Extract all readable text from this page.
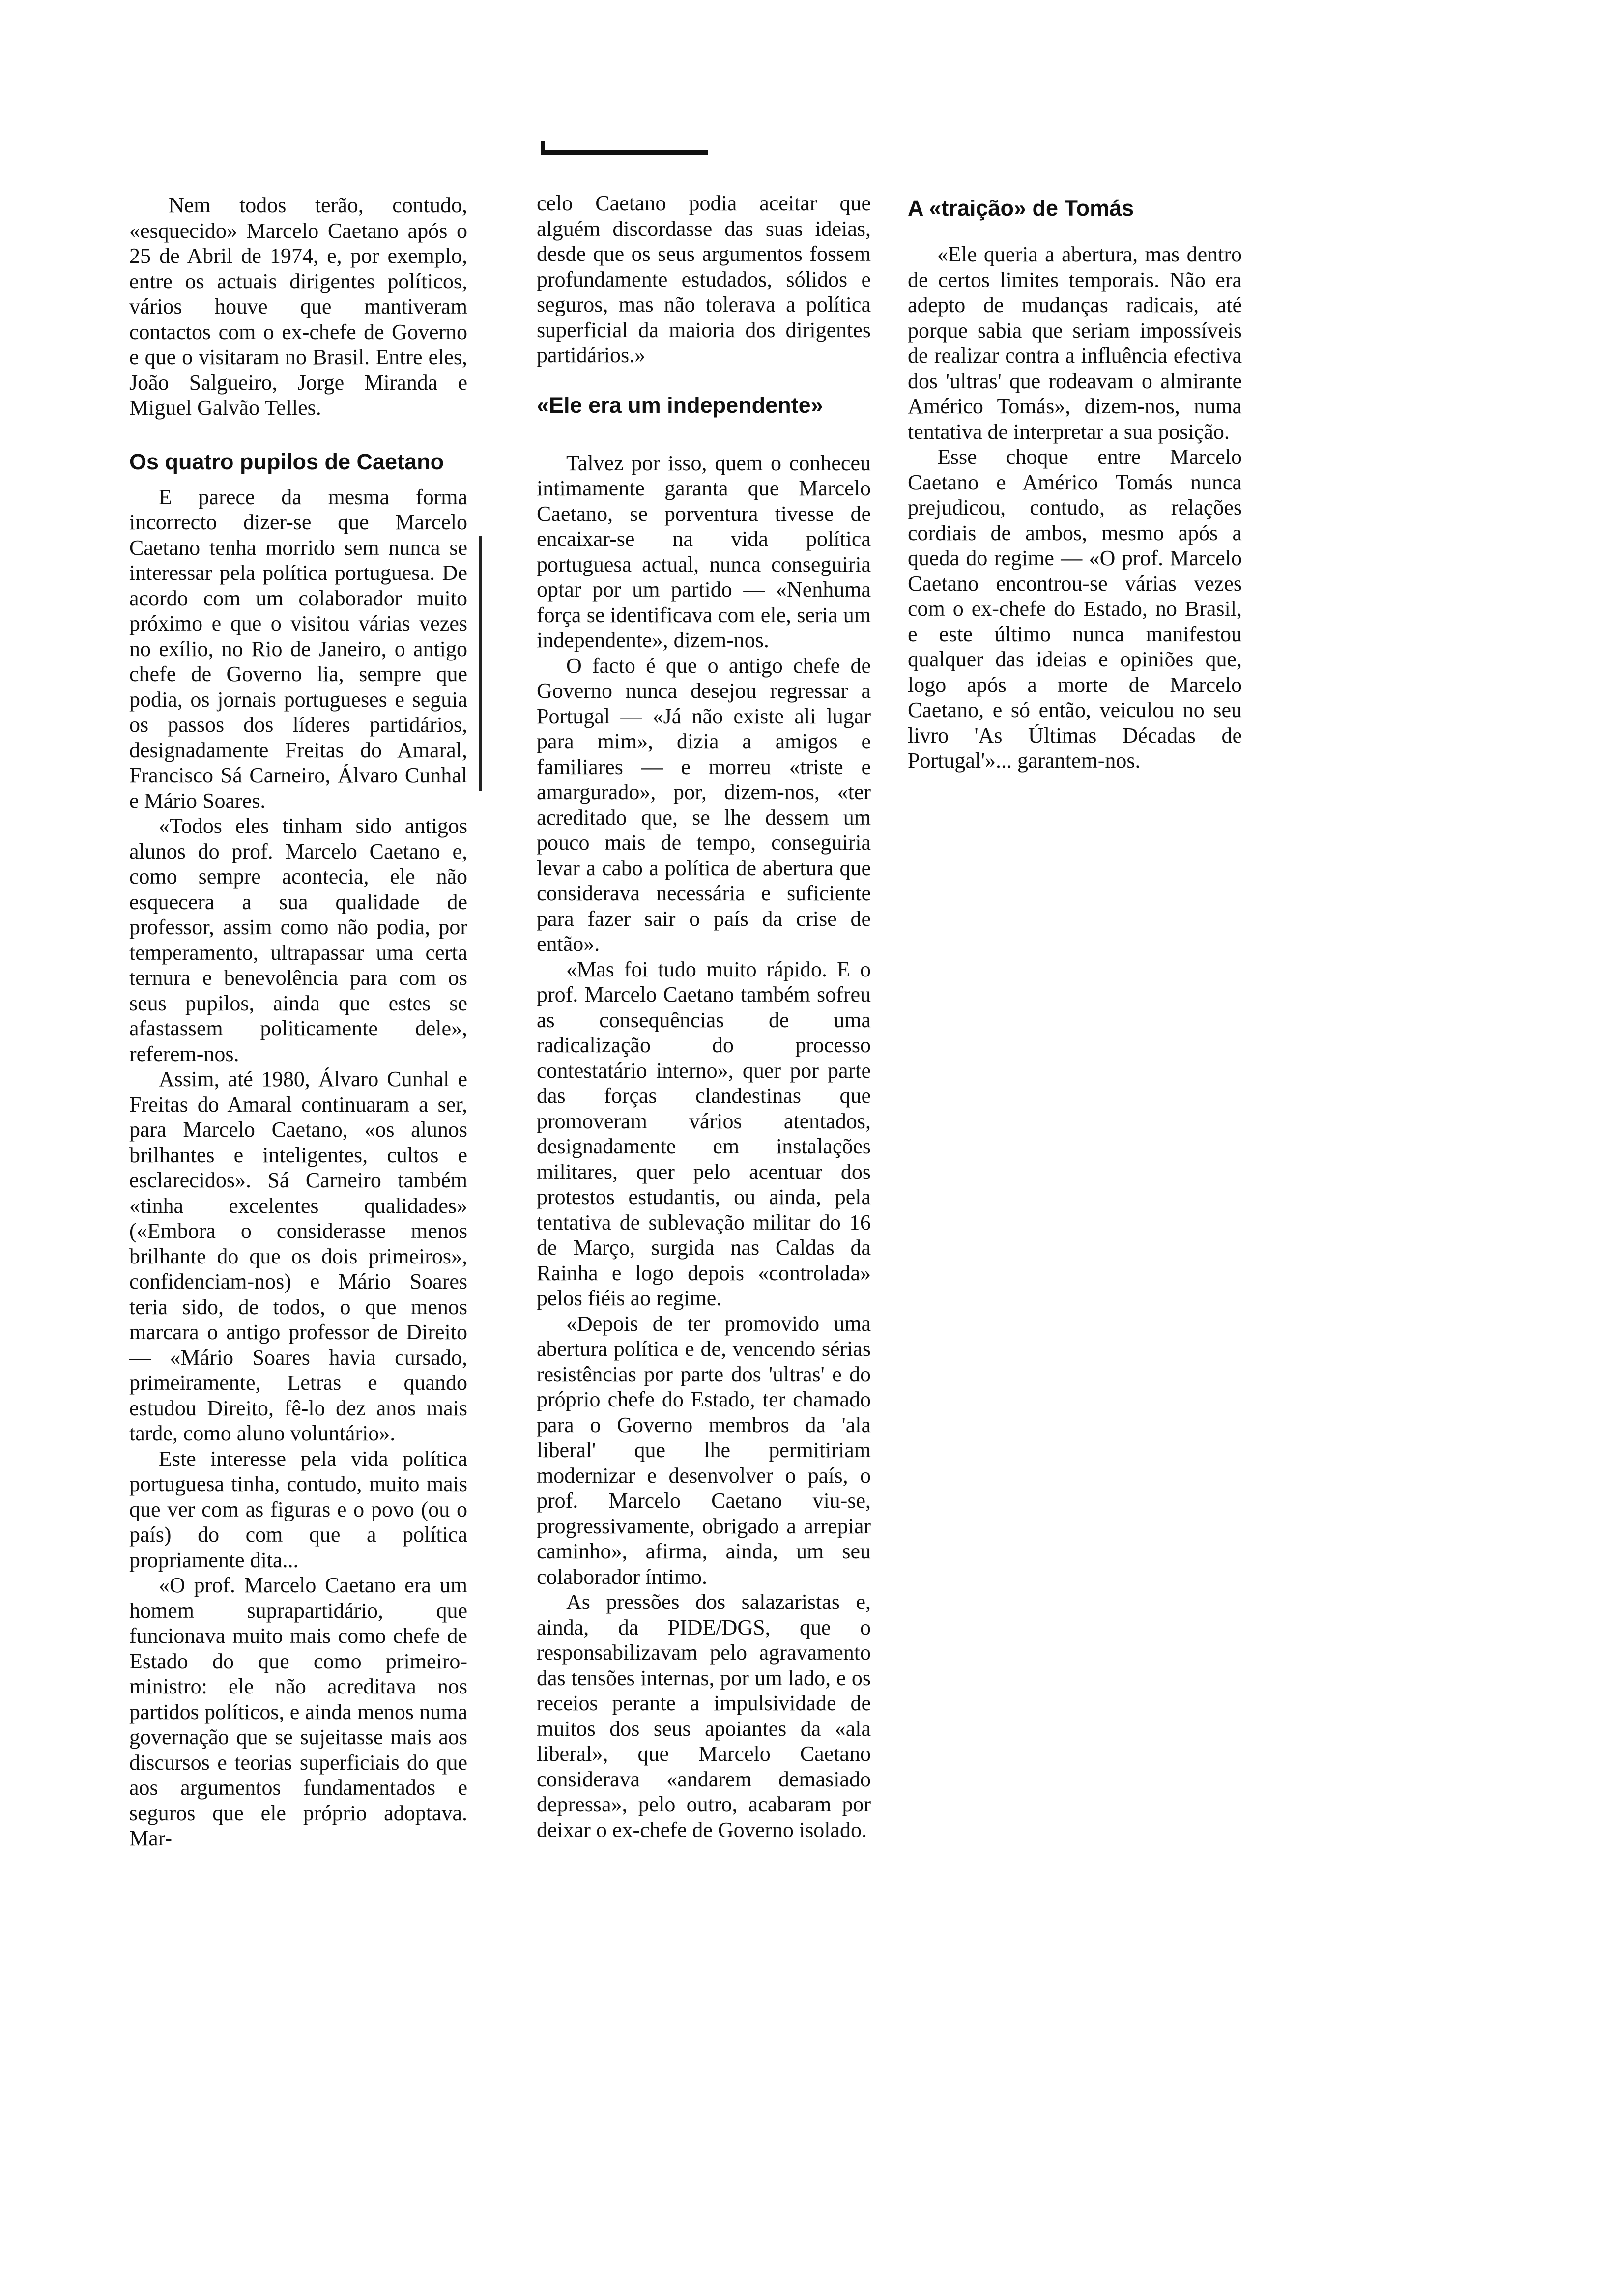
Nem todos terão, contudo, «esquecido» Marcelo Caetano após o 25 de Abril de 1974, e, por exemplo, entre os actuais dirigentes políticos, vários houve que mantiveram contactos com o ex-chefe de Governo e que o visitaram no Brasil. Entre eles, João Salgueiro, Jorge Miranda e Miguel Galvão Telles.

Os quatro pupilos de Caetano

E parece da mesma forma incorrecto dizer-se que Marcelo Caetano tenha morrido sem nunca se interessar pela política portuguesa. De acordo com um colaborador muito próximo e que o visitou várias vezes no exílio, no Rio de Janeiro, o antigo chefe de Governo lia, sempre que podia, os jornais portugueses e seguia os passos dos líderes partidários, designadamente Freitas do Amaral, Francisco Sá Carneiro, Álvaro Cunhal e Mário Soares.

«Todos eles tinham sido antigos alunos do prof. Marcelo Caetano e, como sempre acontecia, ele não esquecera a sua qualidade de professor, assim como não podia, por temperamento, ultrapassar uma certa ternura e benevolência para com os seus pupilos, ainda que estes se afastassem politicamente dele», referem-nos.

Assim, até 1980, Álvaro Cunhal e Freitas do Amaral continuaram a ser, para Marcelo Caetano, «os alunos brilhantes e inteligentes, cultos e esclarecidos». Sá Carneiro também «tinha excelentes qualidades» («Embora o considerasse menos brilhante do que os dois primeiros», confidenciam-nos) e Mário Soares teria sido, de todos, o que menos marcara o antigo professor de Direito — «Mário Soares havia cursado, primeiramente, Letras e quando estudou Direito, fê-lo dez anos mais tarde, como aluno voluntário».

Este interesse pela vida política portuguesa tinha, contudo, muito mais que ver com as figuras e o povo (ou o país) do com que a política propriamente dita...

«O prof. Marcelo Caetano era um homem suprapartidário, que funcionava muito mais como chefe de Estado do que como primeiro-ministro: ele não acreditava nos partidos políticos, e ainda menos numa governação que se sujeitasse mais aos discursos e teorias superficiais do que aos argumentos fundamentados e seguros que ele próprio adoptava. Mar-

celo Caetano podia aceitar que alguém discordasse das suas ideias, desde que os seus argumentos fossem profundamente estudados, sólidos e seguros, mas não tolerava a política superficial da maioria dos dirigentes partidários.»

«Ele era um independente»

Talvez por isso, quem o conheceu intimamente garanta que Marcelo Caetano, se porventura tivesse de encaixar-se na vida política portuguesa actual, nunca conseguiria optar por um partido — «Nenhuma força se identificava com ele, seria um independente», dizem-nos.

O facto é que o antigo chefe de Governo nunca desejou regressar a Portugal — «Já não existe ali lugar para mim», dizia a amigos e familiares — e morreu «triste e amargurado», por, dizem-nos, «ter acreditado que, se lhe dessem um pouco mais de tempo, conseguiria levar a cabo a política de abertura que considerava necessária e suficiente para fazer sair o país da crise de então».

«Mas foi tudo muito rápido. E o prof. Marcelo Caetano também sofreu as consequências de uma radicalização do processo contestatário interno», quer por parte das forças clandestinas que promoveram vários atentados, designadamente em instalações militares, quer pelo acentuar dos protestos estudantis, ou ainda, pela tentativa de sublevação militar do 16 de Março, surgida nas Caldas da Rainha e logo depois «controlada» pelos fiéis ao regime.

«Depois de ter promovido uma abertura política e de, vencendo sérias resistências por parte dos 'ultras' e do próprio chefe do Estado, ter chamado para o Governo membros da 'ala liberal' que lhe permitiriam modernizar e desenvolver o país, o prof. Marcelo Caetano viu-se, progressivamente, obrigado a arrepiar caminho», afirma, ainda, um seu colaborador íntimo.

As pressões dos salazaristas e, ainda, da PIDE/DGS, que o responsabilizavam pelo agravamento das tensões internas, por um lado, e os receios perante a impulsividade de muitos dos seus apoiantes da «ala liberal», que Marcelo Caetano considerava «andarem demasiado depressa», pelo outro, acabaram por deixar o ex-chefe de Governo isolado.

A «traição» de Tomás

«Ele queria a abertura, mas dentro de certos limites temporais. Não era adepto de mudanças radicais, até porque sabia que seriam impossíveis de realizar contra a influência efectiva dos 'ultras' que rodeavam o almirante Américo Tomás», dizem-nos, numa tentativa de interpretar a sua posição.

Esse choque entre Marcelo Caetano e Américo Tomás nunca prejudicou, contudo, as relações cordiais de ambos, mesmo após a queda do regime — «O prof. Marcelo Caetano encontrou-se várias vezes com o ex-chefe do Estado, no Brasil, e este último nunca manifestou qualquer das ideias e opiniões que, logo após a morte de Marcelo Caetano, e só então, veiculou no seu livro 'As Últimas Décadas de Portugal'»... garantem-nos.
